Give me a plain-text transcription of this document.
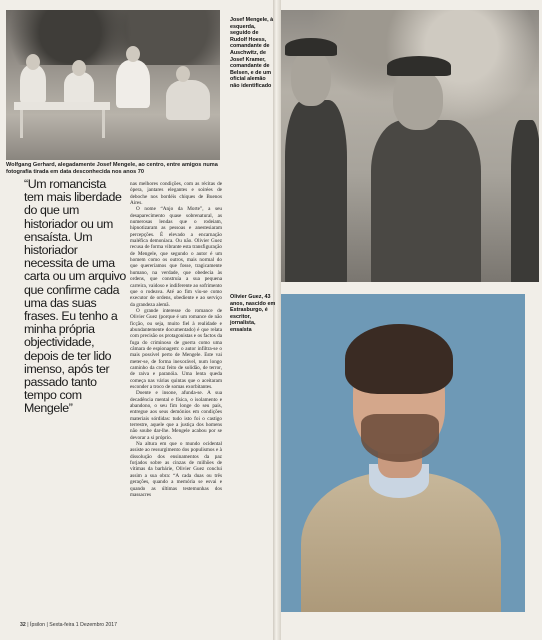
Wolfgang Gerhard, alegadamente Josef Mengele, ao centro, entre amigos numa fotografia tirada em data desconhecida nos anos 70
Josef Mengele, à esquerda, seguido de Rudolf Hoess, comandante de Auschwitz, de Josef Kramer, comandante de Belsen, e de um oficial alemão não identificado
“Um romancista tem mais liberdade do que um historiador ou um ensaísta. Um historiador necessita de uma carta ou um arquivo que confirme cada uma das suas frases. Eu tenho a minha própria objectividade, depois de ter lido imenso, após ter passado tanto tempo com Mengele”

nas melhores condições, com as récitas de ópera, jantares elegantes e soirées de deboche nos bordéis chiques de Buenos Aires.

O nome “Anjo da Morte”, a seu desaparecimento quase sobrenatural, as numerosas lendas que o rodeiam, hipnotizaram as pessoas e anestesiaram percepções. É elevado a encarnação maléfica demoníaca. Ou não. Olivier Guez recusa de forma vibrante esta transfiguração de Mengele, que segundo o autor é um homem como os outros, mais normal do que quereríamos que fosse, tragicamente humano, na verdade, que obedecia às ordens, que construía a sua pequena carreira, vaidoso e indiferente ao sofrimento que o rodeava. Até ao fim viu-se como executor de ordens, obediente e ao serviço da grandeza alemã.

O grande interesse do romance de Olivier Guez (porque é um romance de não ficção, ou seja, muito fiel à realidade e abundantemente documentado) é que relata com precisão os protagonistas e os factos da fuga do criminoso de guerra como uma câmara de espionagem: o autor infiltra-se o mais possível perto de Mengele. Este vai meter-se, de forma inexorável, num longo caminho da cruz feito de solidão, de terror, de raiva e paranóia. Uma lenta queda começa nas várias quintas que o aceitaram esconder a troco de somas exorbitantes.

Doente e insone, afunda-se. A sua decadência mental e física, o isolamento e abandono, o seu fim longe do seu país, entregue aos seus demónios em condições materiais sórdidas: tudo isto foi o castigo terrestre, aquele que a justiça dos homens não soube dar-lhe. Mengele acabou por se devorar a si próprio.

Na altura em que o mundo ocidental assiste ao ressurgimento dos populismos e à dissolução dos ensinamentos da paz forjados sobre as cinzas de milhões de vítimas da barbárie, Olivier Guez conclui assim a sua obra: “A cada duas ou três gerações, quando a memória se esvai e quando as últimas testemunhas dos massacres

Olivier Guez, 43 anos, nascido em Estrasburgo, é escritor, jornalista, ensaísta
32 | Ípsilon | Sexta-feira 1 Dezembro 2017
